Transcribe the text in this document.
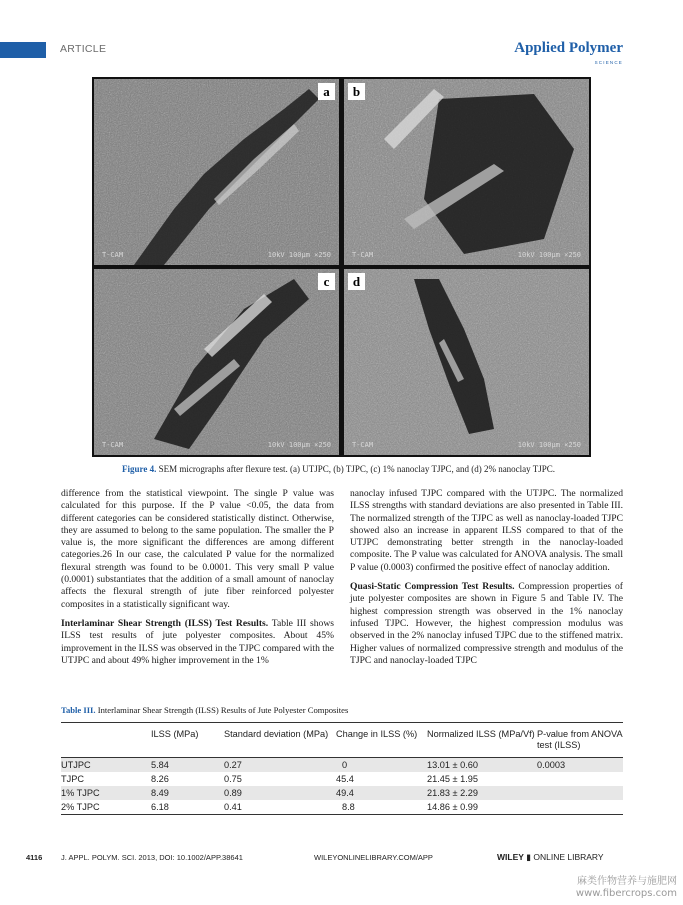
ARTICLE	Applied Polymer
SCIENCE
a
T-CAM	10kV 100µm ×250
b
T-CAM	10kV 100µm ×250
c
T-CAM	10kV 100µm ×250
d
T-CAM	10kV 100µm ×250
Figure 4. SEM micrographs after flexure test. (a) UTJPC, (b) TJPC, (c) 1% nanoclay TJPC, and (d) 2% nanoclay TJPC.

difference from the statistical viewpoint. The single P value was calculated for this purpose. If the P value <0.05, the data from different categories can be considered statistically distinct. Otherwise, they are assumed to belong to the same population. The smaller the P value is, the more significant the differences are among different categories.26 In our case, the calculated P value for the normalized flexural strength was found to be 0.0001. This very small P value (0.0001) substantiates that the addition of a small amount of nanoclay affects the flexural strength of jute fiber reinforced polyester composites in a statistically significant way.

Interlaminar Shear Strength (ILSS) Test Results. Table III shows ILSS test results of jute polyester composites. About 45% improvement in the ILSS was observed in the TJPC compared with the UTJPC and about 49% higher improvement in the 1%

nanoclay infused TJPC compared with the UTJPC. The normalized ILSS strengths with standard deviations are also presented in Table III. The normalized strength of the TJPC as well as nanoclay-loaded TJPC showed also an increase in apparent ILSS compared to that of the UTJPC demonstrating better strength in the nanoclay-loaded composite. The P value was calculated for ANOVA analysis. The small P value (0.0003) confirmed the positive effect of nanoclay addition.

Quasi-Static Compression Test Results. Compression properties of jute polyester composites are shown in Figure 5 and Table IV. The highest compression strength was observed in the 1% nanoclay infused TJPC. However, the highest compression modulus was observed in the 2% nanoclay infused TJPC due to the stiffened matrix. Higher values of normalized compressive strength and modulus of the TJPC and nanoclay-loaded TJPC

Table III. Interlaminar Shear Strength (ILSS) Results of Jute Polyester Composites
	ILSS (MPa)	Standard deviation (MPa)	Change in ILSS (%)	Normalized ILSS (MPa/Vf)	P-value from ANOVA test (ILSS)
UTJPC	5.84	0.27	0	13.01 ± 0.60	0.0003
TJPC	8.26	0.75	45.4	21.45 ± 1.95	
1% TJPC	8.49	0.89	49.4	21.83 ± 2.29	
2% TJPC	6.18	0.41	8.8	14.86 ± 0.99	
4116 J. APPL. POLYM. SCI. 2013, DOI: 10.1002/APP.38641	WILEYONLINELIBRARY.COM/APP	WILEY ▮ ONLINE LIBRARY
麻类作物营养与施肥网
www.fibercrops.com
